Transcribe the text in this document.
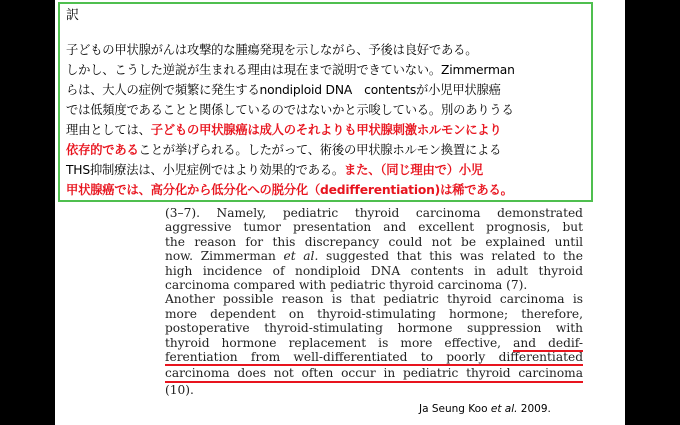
訳
子どもの甲状腺がんは攻撃的な腫瘍発現を示しながら、予後は良好である。
しかし、こうした逆説が生まれる理由は現在まで説明できていない。Zimmerman
らは、大人の症例で頻繁に発生するnondiploid DNA　contentsが小児甲状腺癌
では低頻度であることと関係しているのではないかと示唆している。別のありうる
理由としては、子どもの甲状腺癌は成人のそれよりも甲状腺刺激ホルモンにより
依存的であることが挙げられる。したがって、術後の甲状腺ホルモン換置による
THS抑制療法は、小児症例ではより効果的である。また、（同じ理由で）小児
甲状腺癌では、高分化から低分化への脱分化（dedifferentiation)は稀である。
(3–7). Namely, pediatric thyroid carcinoma demonstrated
aggressive tumor presentation and excellent prognosis, but
the reason for this discrepancy could not be explained until
now. Zimmerman et al. suggested that this was related to the
high incidence of nondiploid DNA contents in adult thyroid
carcinoma compared with pediatric thyroid carcinoma (7).
Another possible reason is that pediatric thyroid carcinoma is
more dependent on thyroid-stimulating hormone; therefore,
postoperative thyroid-stimulating hormone suppression with
thyroid hormone replacement is more effective, and dedif-
ferentiation from well-differentiated to poorly differentiated
carcinoma does not often occur in pediatric thyroid carcinoma
(10).
Ja Seung Koo et al. 2009.
